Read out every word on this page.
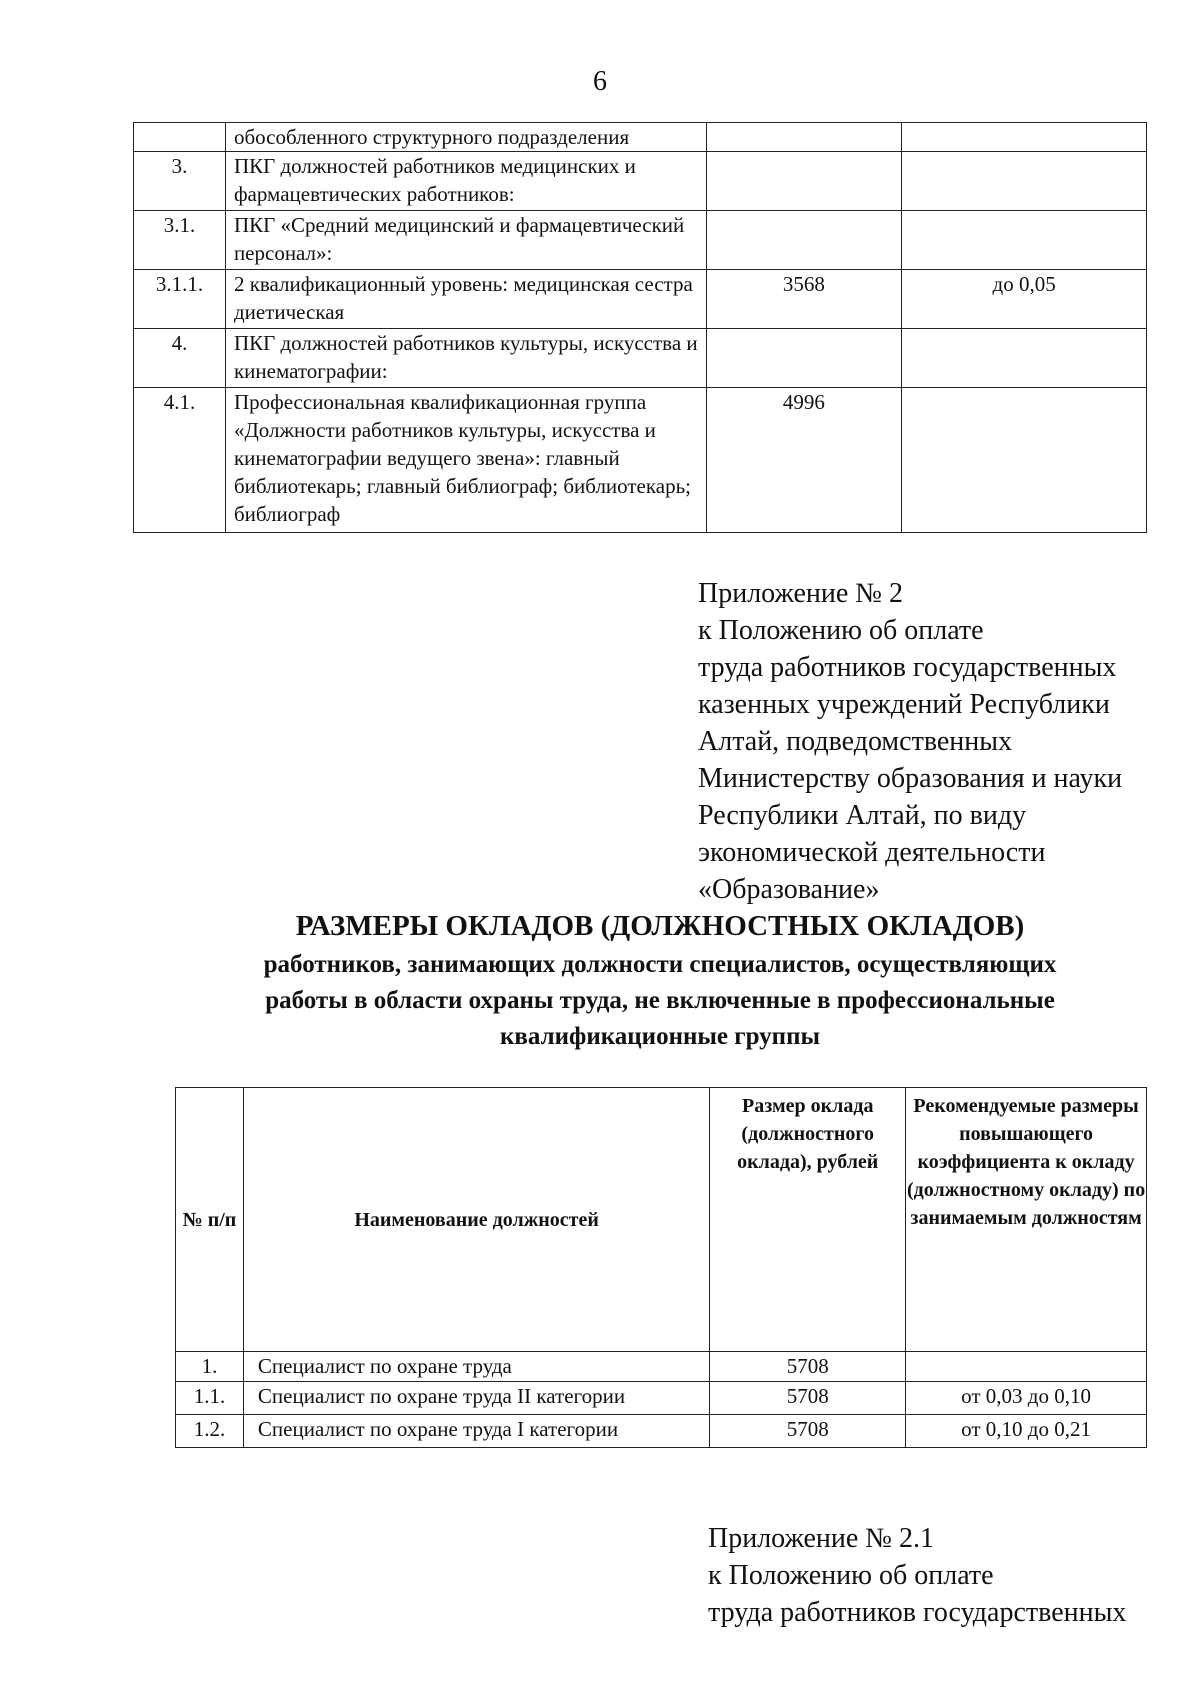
6
	обособленного структурного подразделения		
3.	ПКГ должностей работников медицинских и фармацевтических работников:		
3.1.	ПКГ «Средний медицинский и фармацевтический персонал»:		
3.1.1.	2 квалификационный уровень: медицинская сестра диетическая	3568	до 0,05
4.	ПКГ должностей работников культуры, искусства и кинематографии:		
4.1.	Профессиональная квалификационная группа «Должности работников культуры, искусства и кинематографии ведущего звена»: главный библиотекарь; главный библиограф; библиотекарь; библиограф	4996	
Приложение № 2
к Положению об оплате
труда работников государственных
казенных учреждений Республики
Алтай, подведомственных
Министерству образования и науки
Республики Алтай, по виду
экономической деятельности
«Образование»
РАЗМЕРЫ ОКЛАДОВ (ДОЛЖНОСТНЫХ ОКЛАДОВ)
работников, занимающих должности специалистов, осуществляющих
работы в области охраны труда, не включенные в профессиональные
квалификационные группы
№ п/п	Наименование должностей	Размер оклада (должностного оклада), рублей	Рекомендуемые размеры повышающего коэффициента к окладу (должностному окладу) по занимаемым должностям
1.	Специалист по охране труда	5708	
1.1.	Специалист по охране труда II категории	5708	от 0,03 до 0,10
1.2.	Специалист по охране труда I категории	5708	от 0,10 до 0,21
Приложение № 2.1
к Положению об оплате
труда работников государственных
